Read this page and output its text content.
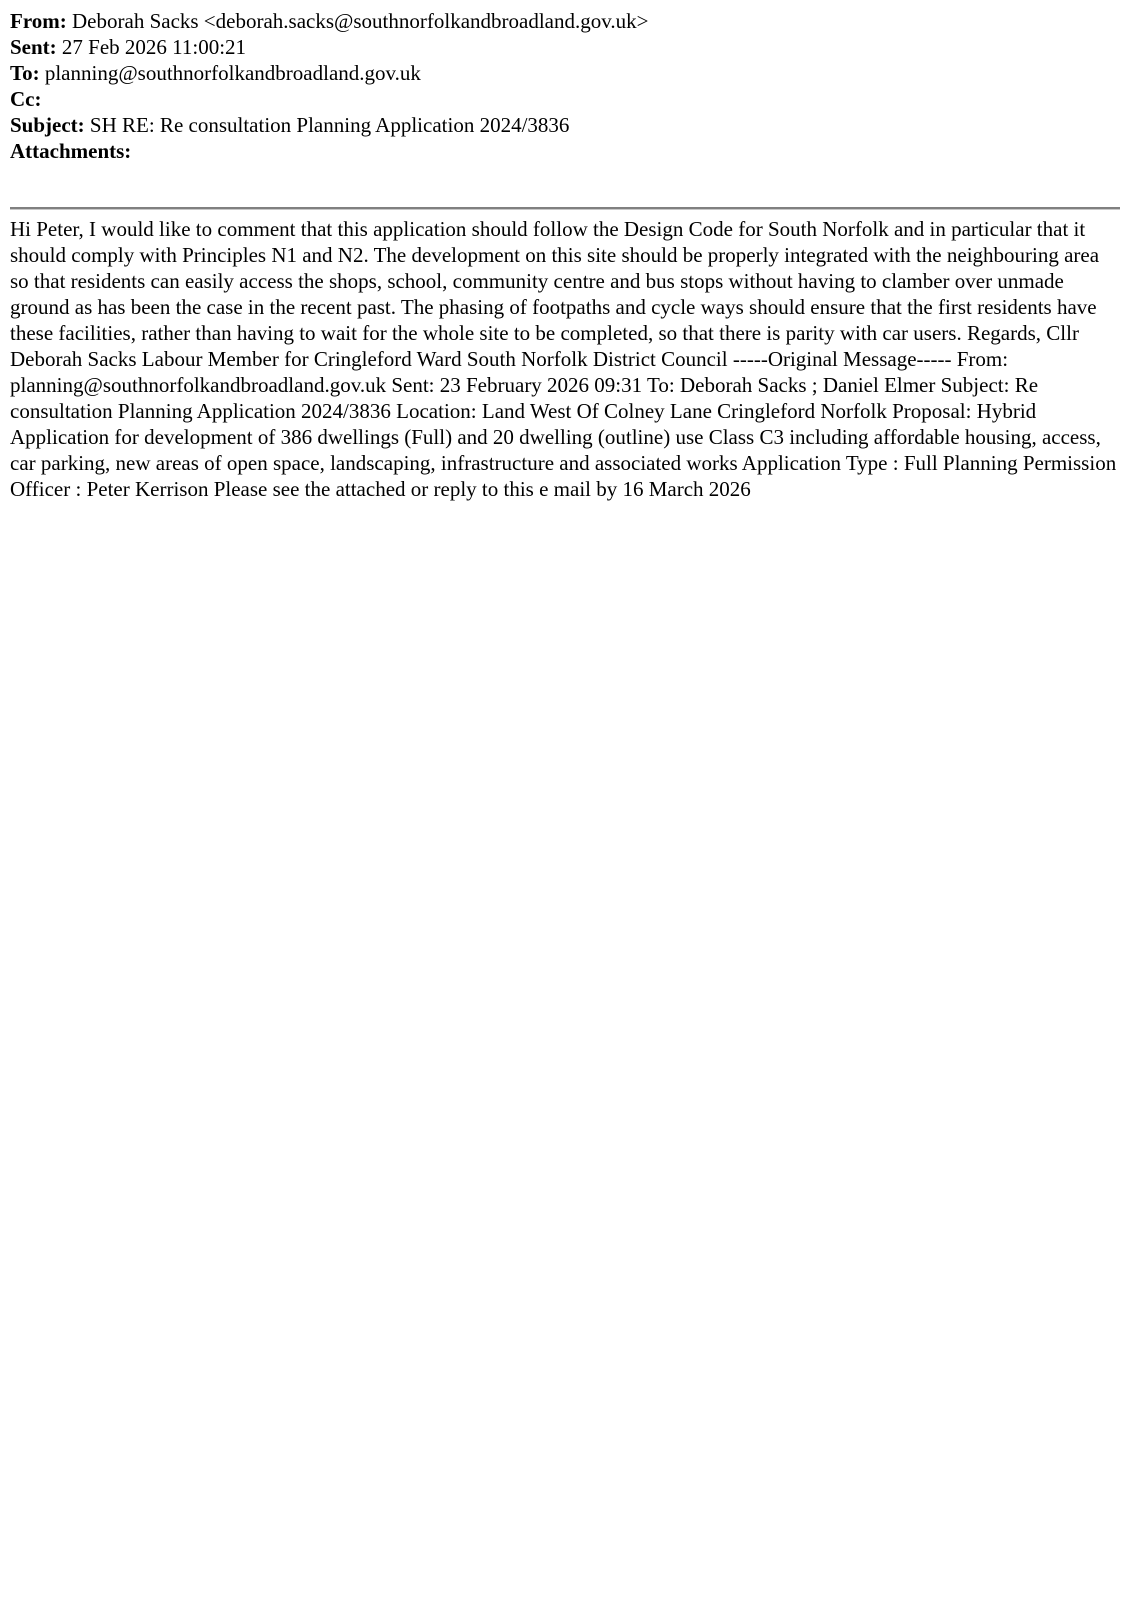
From: Deborah Sacks <deborah.sacks@southnorfolkandbroadland.gov.uk>
Sent: 27 Feb 2026 11:00:21
To: planning@southnorfolkandbroadland.gov.uk
Cc:
Subject: SH RE: Re consultation Planning Application 2024/3836
Attachments:

Hi Peter, I would like to comment that this application should follow the Design Code for South Norfolk and in particular that it should comply with Principles N1 and N2. The development on this site should be properly integrated with the neighbouring area so that residents can easily access the shops, school, community centre and bus stops without having to clamber over unmade ground as has been the case in the recent past. The phasing of footpaths and cycle ways should ensure that the first residents have these facilities, rather than having to wait for the whole site to be completed, so that there is parity with car users. Regards, Cllr Deborah Sacks Labour Member for Cringleford Ward South Norfolk District Council -----Original Message----- From: planning@southnorfolkandbroadland.gov.uk Sent: 23 February 2026 09:31 To: Deborah Sacks ; Daniel Elmer Subject: Re consultation Planning Application 2024/3836 Location: Land West Of Colney Lane Cringleford Norfolk Proposal: Hybrid Application for development of 386 dwellings (Full) and 20 dwelling (outline) use Class C3 including affordable housing, access, car parking, new areas of open space, landscaping, infrastructure and associated works Application Type : Full Planning Permission Officer : Peter Kerrison Please see the attached or reply to this e mail by 16 March 2026
